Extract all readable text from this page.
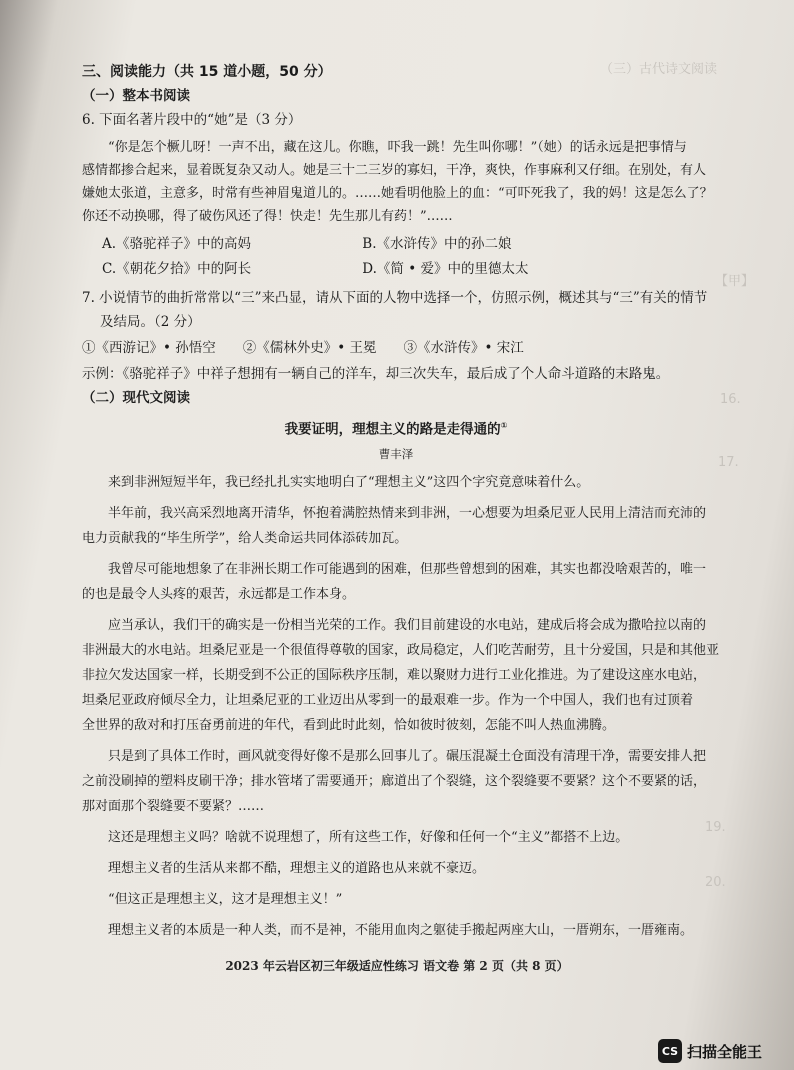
（三）古代诗文阅读
【甲】
16.
17.
19.
20.
三、阅读能力（共 15 道小题，50 分）
（一）整本书阅读
6. 下面名著片段中的“她”是（3 分）
“你是怎个橛儿呀！一声不出，藏在这儿。你瞧，吓我一跳！先生叫你哪！”（她）的话永远是把事情与
感情都掺合起来，显着既复杂又动人。她是三十二三岁的寡妇，干净，爽快，作事麻利又仔细。在别处，有人
嫌她太张道，主意多，时常有些神眉鬼道儿的。……她看明他脸上的血：“可吓死我了，我的妈！这是怎么了？
你还不动换哪，得了破伤风还了得！快走！先生那儿有药！”……
A.《骆驼祥子》中的高妈	B.《水浒传》中的孙二娘
C.《朝花夕拾》中的阿长	D.《简 • 爱》中的里德太太
7. 小说情节的曲折常常以“三”来凸显，请从下面的人物中选择一个，仿照示例，概述其与“三”有关的情节
及结局。（2 分）
①《西游记》• 孙悟空　　②《儒林外史》• 王冕　　③《水浒传》• 宋江
示例：《骆驼祥子》中祥子想拥有一辆自己的洋车，却三次失车，最后成了个人命斗道路的末路鬼。
（二）现代文阅读
我要证明，理想主义的路是走得通的①
曹丰泽
来到非洲短短半年，我已经扎扎实实地明白了“理想主义”这四个字究竟意味着什么。
半年前，我兴高采烈地离开清华，怀抱着满腔热情来到非洲，一心想要为坦桑尼亚人民用上清洁而充沛的
电力贡献我的“毕生所学”，给人类命运共同体添砖加瓦。
我曾尽可能地想象了在非洲长期工作可能遇到的困难，但那些曾想到的困难，其实也都没啥艰苦的，唯一
的也是最令人头疼的艰苦，永远都是工作本身。
应当承认，我们干的确实是一份相当光荣的工作。我们目前建设的水电站，建成后将会成为撒哈拉以南的
非洲最大的水电站。坦桑尼亚是一个很值得尊敬的国家，政局稳定，人们吃苦耐劳，且十分爱国，只是和其他亚
非拉欠发达国家一样，长期受到不公正的国际秩序压制，难以聚财力进行工业化推进。为了建设这座水电站，
坦桑尼亚政府倾尽全力，让坦桑尼亚的工业迈出从零到一的最艰难一步。作为一个中国人，我们也有过顶着
全世界的敌对和打压奋勇前进的年代，看到此时此刻，恰如彼时彼刻，怎能不叫人热血沸腾。
只是到了具体工作时，画风就变得好像不是那么回事儿了。碾压混凝土仓面没有清理干净，需要安排人把
之前没刷掉的塑料皮刷干净；排水管堵了需要通开；廊道出了个裂缝，这个裂缝要不要紧？这个不要紧的话，
那对面那个裂缝要不要紧？……
这还是理想主义吗？啥就不说理想了，所有这些工作，好像和任何一个“主义”都搭不上边。
理想主义者的生活从来都不酷，理想主义的道路也从来就不豪迈。
“但这正是理想主义，这才是理想主义！”
理想主义者的本质是一种人类，而不是神，不能用血肉之躯徒手搬起两座大山，一厝朔东，一厝雍南。
2023 年云岩区初三年级适应性练习 语文卷 第 2 页（共 8 页）
CS 扫描全能王
